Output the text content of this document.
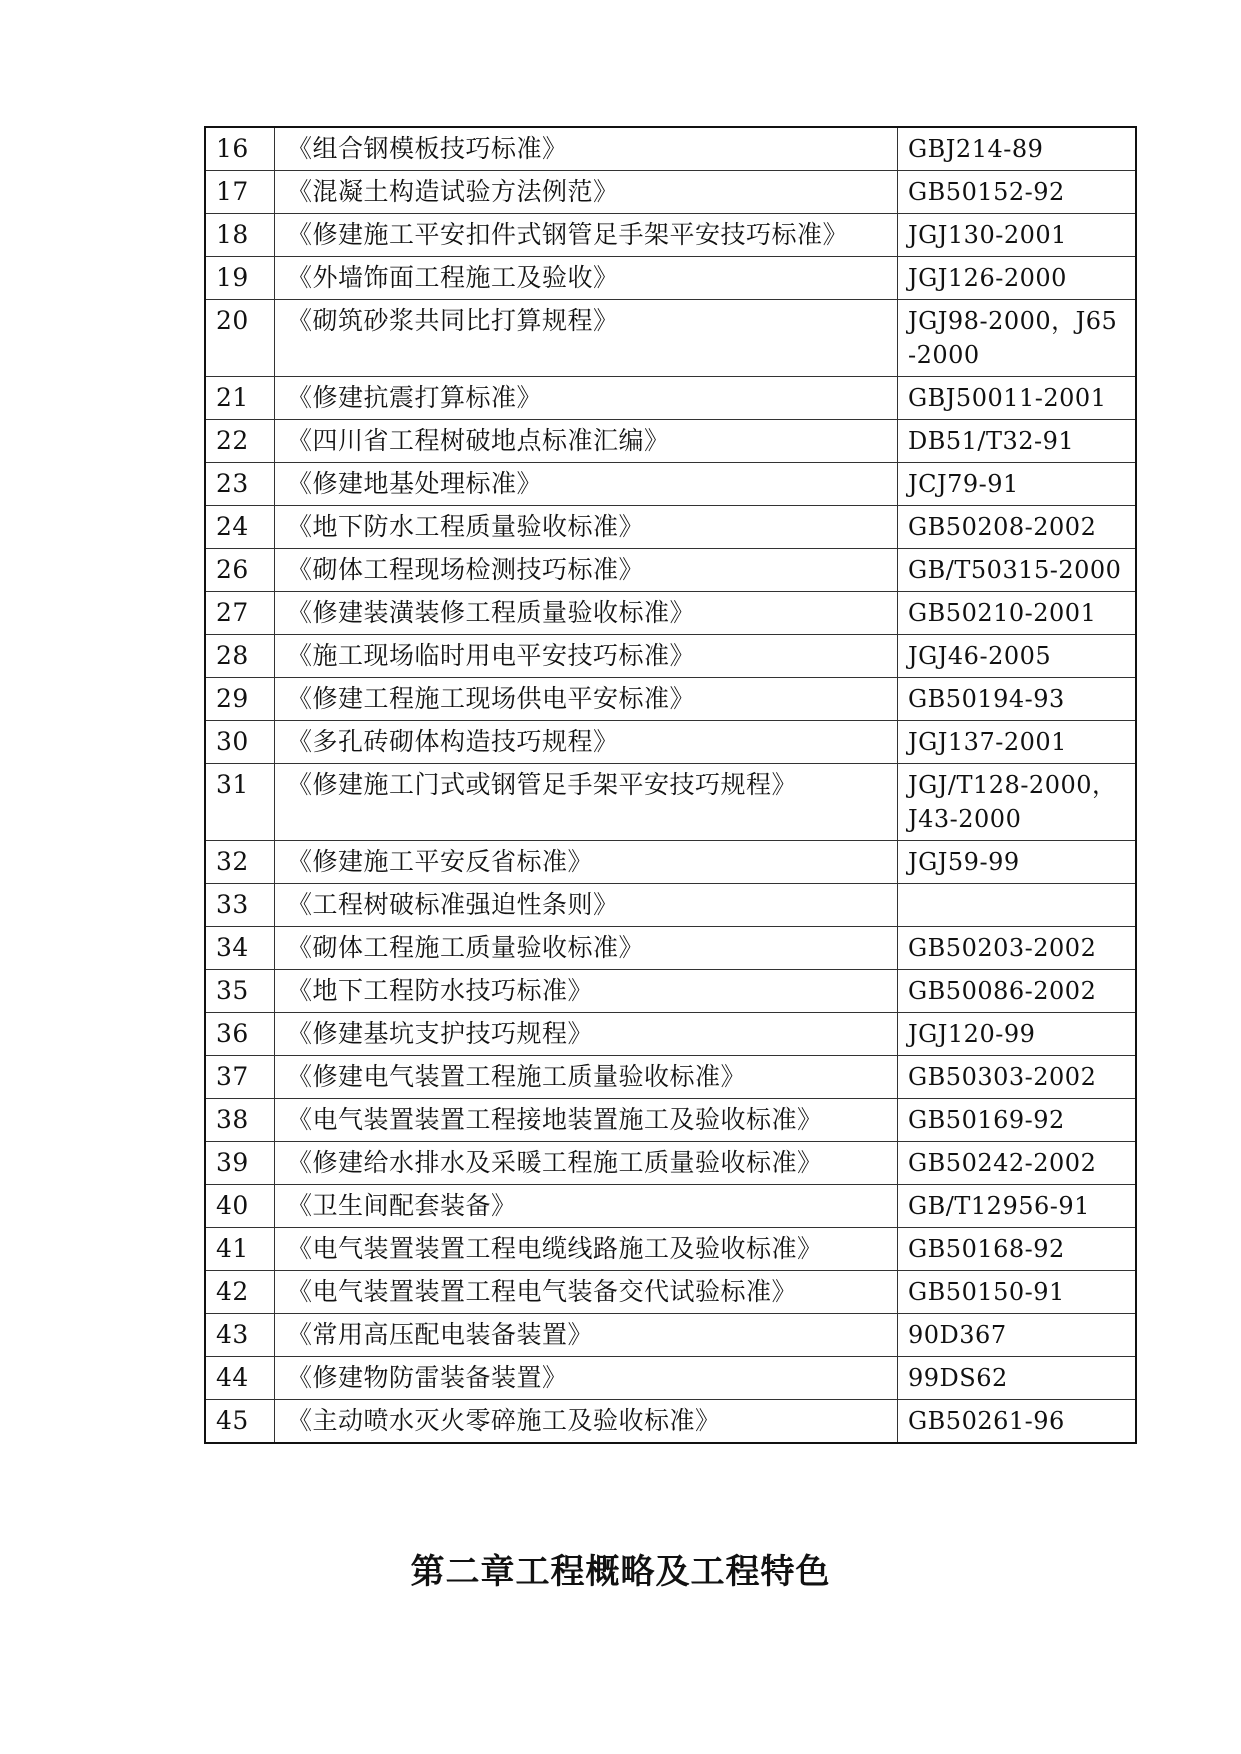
16	《组合钢模板技巧标准》	GBJ214-89
17	《混凝土构造试验方法例范》	GB50152-92
18	《修建施工平安扣件式钢管足手架平安技巧标准》	JGJ130-2001
19	《外墙饰面工程施工及验收》	JGJ126-2000
20	《砌筑砂浆共同比打算规程》	JGJ98-2000，J65-2000
21	《修建抗震打算标准》	GBJ50011-2001
22	《四川省工程树破地点标准汇编》	DB51/T32-91
23	《修建地基处理标准》	JCJ79-91
24	《地下防水工程质量验收标准》	GB50208-2002
26	《砌体工程现场检测技巧标准》	GB/T50315-2000
27	《修建装潢装修工程质量验收标准》	GB50210-2001
28	《施工现场临时用电平安技巧标准》	JGJ46-2005
29	《修建工程施工现场供电平安标准》	GB50194-93
30	《多孔砖砌体构造技巧规程》	JGJ137-2001
31	《修建施工门式或钢管足手架平安技巧规程》	JGJ/T128-2000，J43-2000
32	《修建施工平安反省标准》	JGJ59-99
33	《工程树破标准强迫性条则》	
34	《砌体工程施工质量验收标准》	GB50203-2002
35	《地下工程防水技巧标准》	GB50086-2002
36	《修建基坑支护技巧规程》	JGJ120-99
37	《修建电气装置工程施工质量验收标准》	GB50303-2002
38	《电气装置装置工程接地装置施工及验收标准》	GB50169-92
39	《修建给水排水及采暖工程施工质量验收标准》	GB50242-2002
40	《卫生间配套装备》	GB/T12956-91
41	《电气装置装置工程电缆线路施工及验收标准》	GB50168-92
42	《电气装置装置工程电气装备交代试验标准》	GB50150-91
43	《常用高压配电装备装置》	90D367
44	《修建物防雷装备装置》	99DS62
45	《主动喷水灭火零碎施工及验收标准》	GB50261-96
第二章工程概略及工程特色
